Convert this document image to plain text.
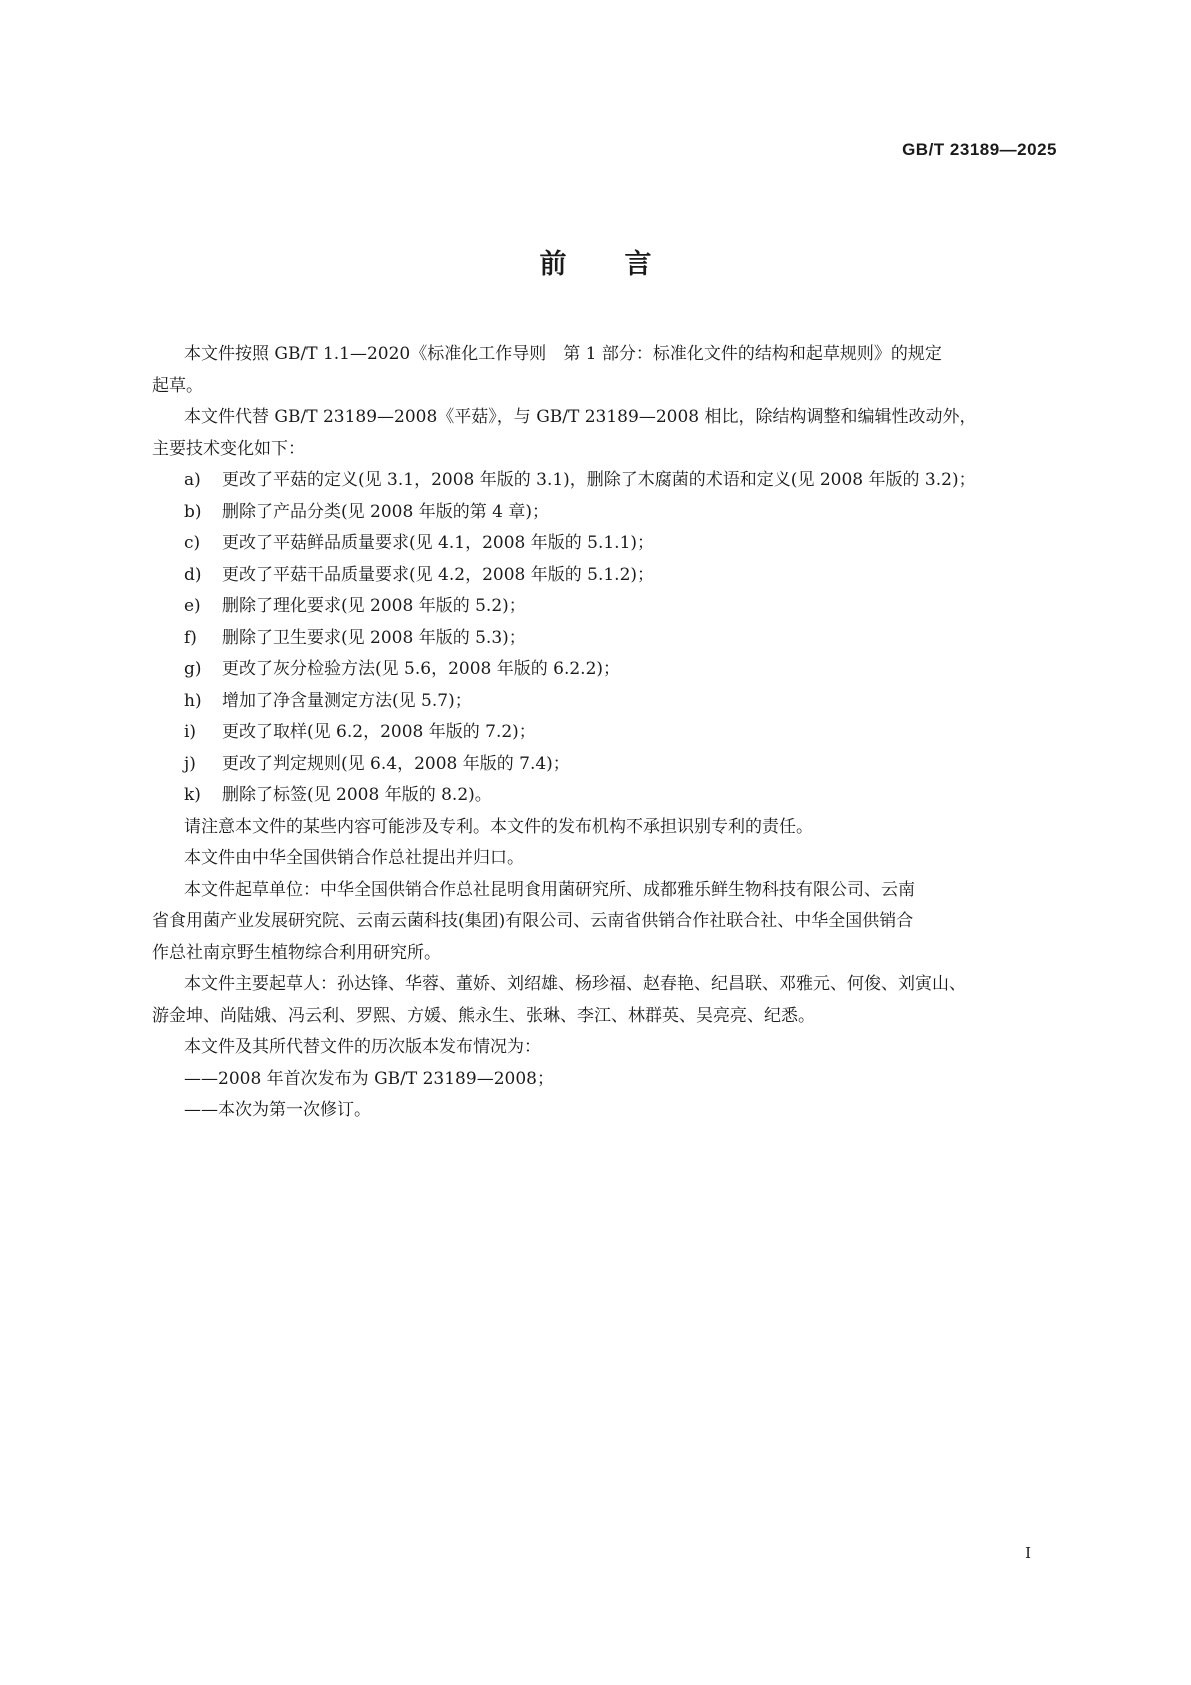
GB/T 23189—2025
前 言

本文件按照 GB/T 1.1—2020《标准化工作导则　第 1 部分：标准化文件的结构和起草规则》的规定

起草。

本文件代替 GB/T 23189—2008《平菇》，与 GB/T 23189—2008 相比，除结构调整和编辑性改动外，

主要技术变化如下：

a) 更改了平菇的定义(见 3.1，2008 年版的 3.1)，删除了木腐菌的术语和定义(见 2008 年版的 3.2)；
b) 删除了产品分类(见 2008 年版的第 4 章)；
c) 更改了平菇鲜品质量要求(见 4.1，2008 年版的 5.1.1)；
d) 更改了平菇干品质量要求(见 4.2，2008 年版的 5.1.2)；
e) 删除了理化要求(见 2008 年版的 5.2)；
f) 删除了卫生要求(见 2008 年版的 5.3)；
g) 更改了灰分检验方法(见 5.6，2008 年版的 6.2.2)；
h) 增加了净含量测定方法(见 5.7)；
i) 更改了取样(见 6.2，2008 年版的 7.2)；
j) 更改了判定规则(见 6.4，2008 年版的 7.4)；
k) 删除了标签(见 2008 年版的 8.2)。

请注意本文件的某些内容可能涉及专利。本文件的发布机构不承担识别专利的责任。

本文件由中华全国供销合作总社提出并归口。

本文件起草单位：中华全国供销合作总社昆明食用菌研究所、成都雅乐鲜生物科技有限公司、云南

省食用菌产业发展研究院、云南云菌科技(集团)有限公司、云南省供销合作社联合社、中华全国供销合

作总社南京野生植物综合利用研究所。

本文件主要起草人：孙达锋、华蓉、董娇、刘绍雄、杨珍福、赵春艳、纪昌联、邓雅元、何俊、刘寅山、

游金坤、尚陆娥、冯云利、罗熙、方媛、熊永生、张琳、李江、林群英、吴亮亮、纪悉。

本文件及其所代替文件的历次版本发布情况为：

——2008 年首次发布为 GB/T 23189—2008；
——本次为第一次修订。
I
